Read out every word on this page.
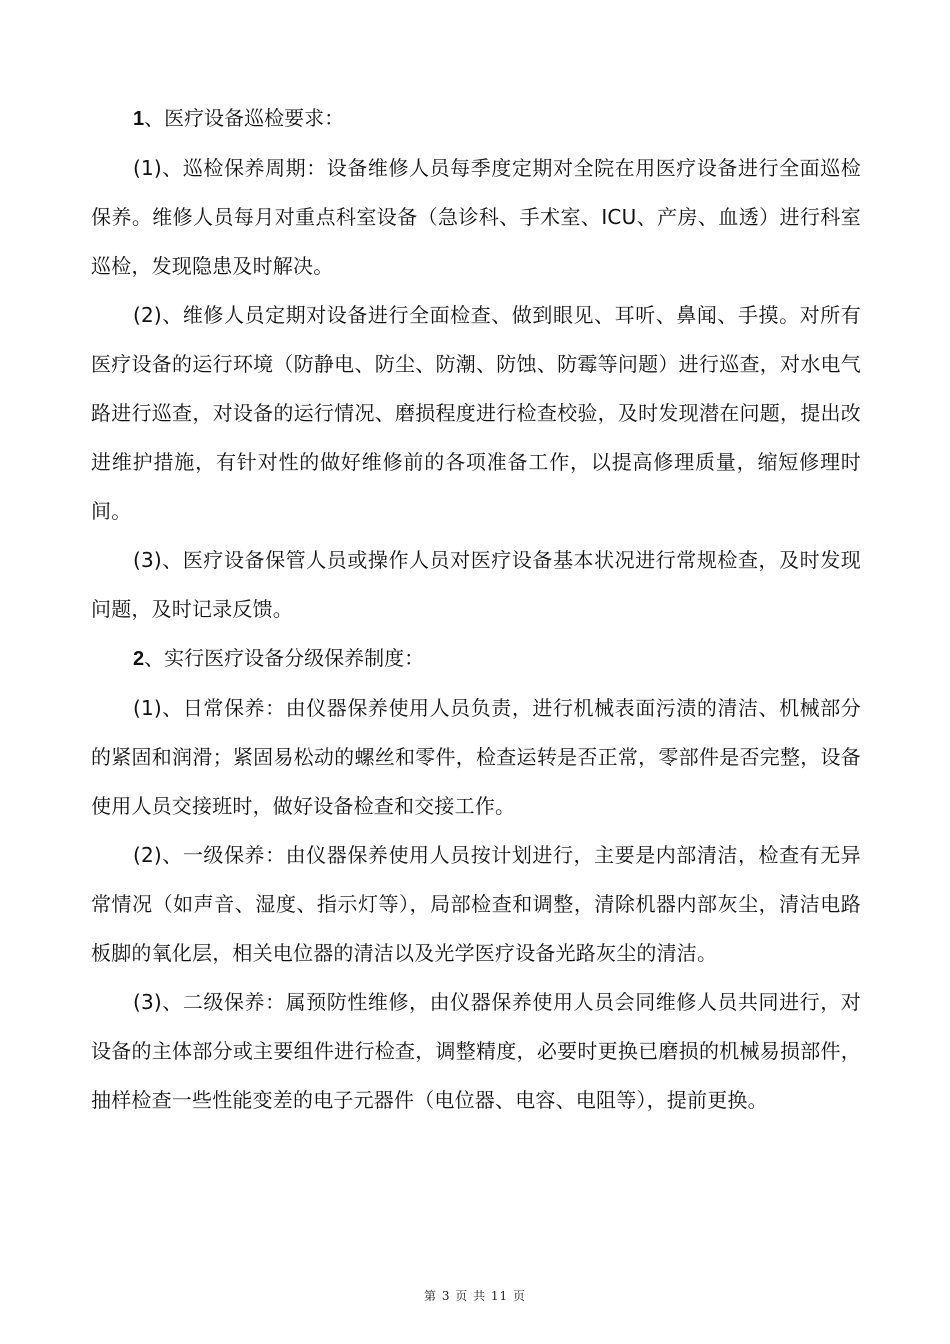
1、医疗设备巡检要求：

(1)、巡检保养周期：设备维修人员每季度定期对全院在用医疗设备进行全面巡检保养。维修人员每月对重点科室设备（急诊科、手术室、ICU、产房、血透）进行科室巡检，发现隐患及时解决。

(2)、维修人员定期对设备进行全面检查、做到眼见、耳听、鼻闻、手摸。对所有医疗设备的运行环境（防静电、防尘、防潮、防蚀、防霉等问题）进行巡查，对水电气路进行巡查，对设备的运行情况、磨损程度进行检查校验，及时发现潜在问题，提出改进维护措施，有针对性的做好维修前的各项准备工作，以提高修理质量，缩短修理时间。

(3)、医疗设备保管人员或操作人员对医疗设备基本状况进行常规检查，及时发现问题，及时记录反馈。

2、实行医疗设备分级保养制度：

(1)、日常保养：由仪器保养使用人员负责，进行机械表面污渍的清洁、机械部分的紧固和润滑；紧固易松动的螺丝和零件，检查运转是否正常，零部件是否完整，设备使用人员交接班时，做好设备检查和交接工作。

(2)、一级保养：由仪器保养使用人员按计划进行，主要是内部清洁，检查有无异常情况（如声音、湿度、指示灯等），局部检查和调整，清除机器内部灰尘，清洁电路板脚的氧化层，相关电位器的清洁以及光学医疗设备光路灰尘的清洁。

(3)、二级保养：属预防性维修，由仪器保养使用人员会同维修人员共同进行，对设备的主体部分或主要组件进行检查，调整精度，必要时更换已磨损的机械易损部件，抽样检查一些性能变差的电子元器件（电位器、电容、电阻等），提前更换。

第 3 页 共 11 页
